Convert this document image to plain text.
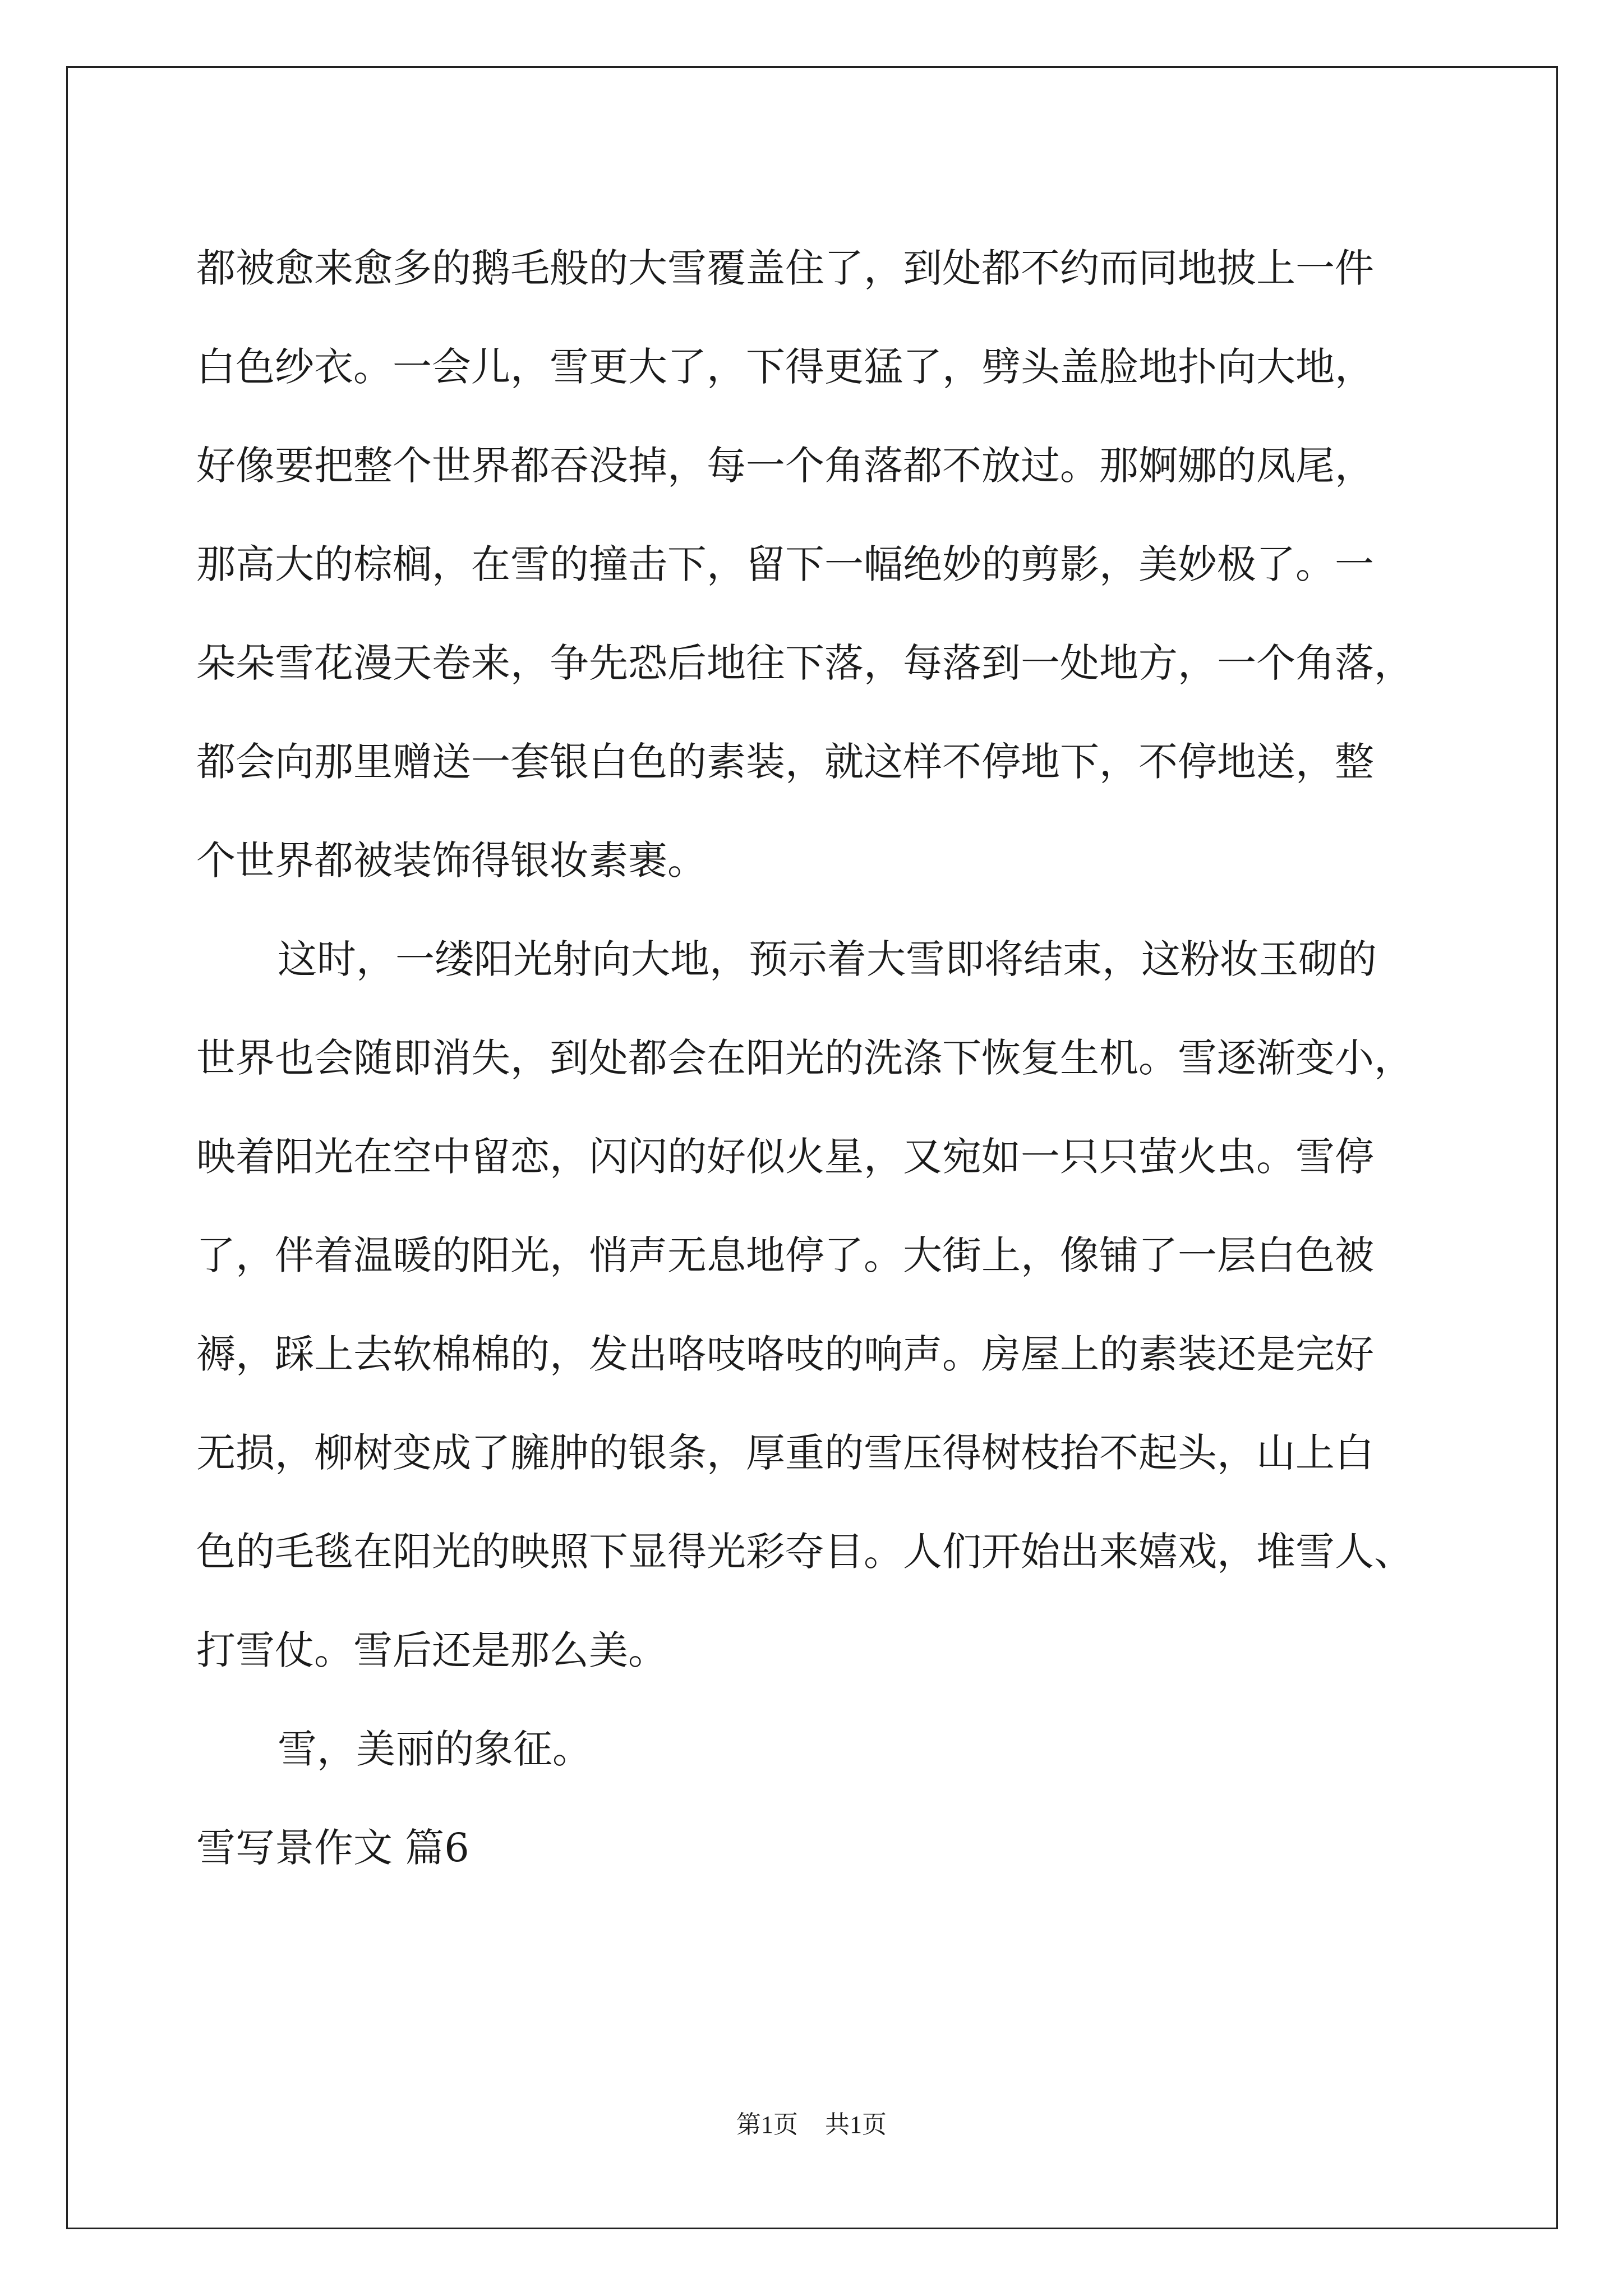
都被愈来愈多的鹅毛般的大雪覆盖住了，到处都不约而同地披上一件
白色纱衣。一会儿，雪更大了，下得更猛了，劈头盖脸地扑向大地，
好像要把整个世界都吞没掉，每一个角落都不放过。那婀娜的凤尾，
那高大的棕榈，在雪的撞击下，留下一幅绝妙的剪影，美妙极了。一
朵朵雪花漫天卷来，争先恐后地往下落，每落到一处地方，一个角落，
都会向那里赠送一套银白色的素装，就这样不停地下，不停地送，整
个世界都被装饰得银妆素裹。
这时，一缕阳光射向大地，预示着大雪即将结束，这粉妆玉砌的
世界也会随即消失，到处都会在阳光的洗涤下恢复生机。雪逐渐变小，
映着阳光在空中留恋，闪闪的好似火星，又宛如一只只萤火虫。雪停
了，伴着温暖的阳光，悄声无息地停了。大街上，像铺了一层白色被
褥，踩上去软棉棉的，发出咯吱咯吱的响声。房屋上的素装还是完好
无损，柳树变成了臃肿的银条，厚重的雪压得树枝抬不起头，山上白
色的毛毯在阳光的映照下显得光彩夺目。人们开始出来嬉戏，堆雪人、
打雪仗。雪后还是那么美。
雪，美丽的象征。
雪写景作文 篇6
第1页 共1页
